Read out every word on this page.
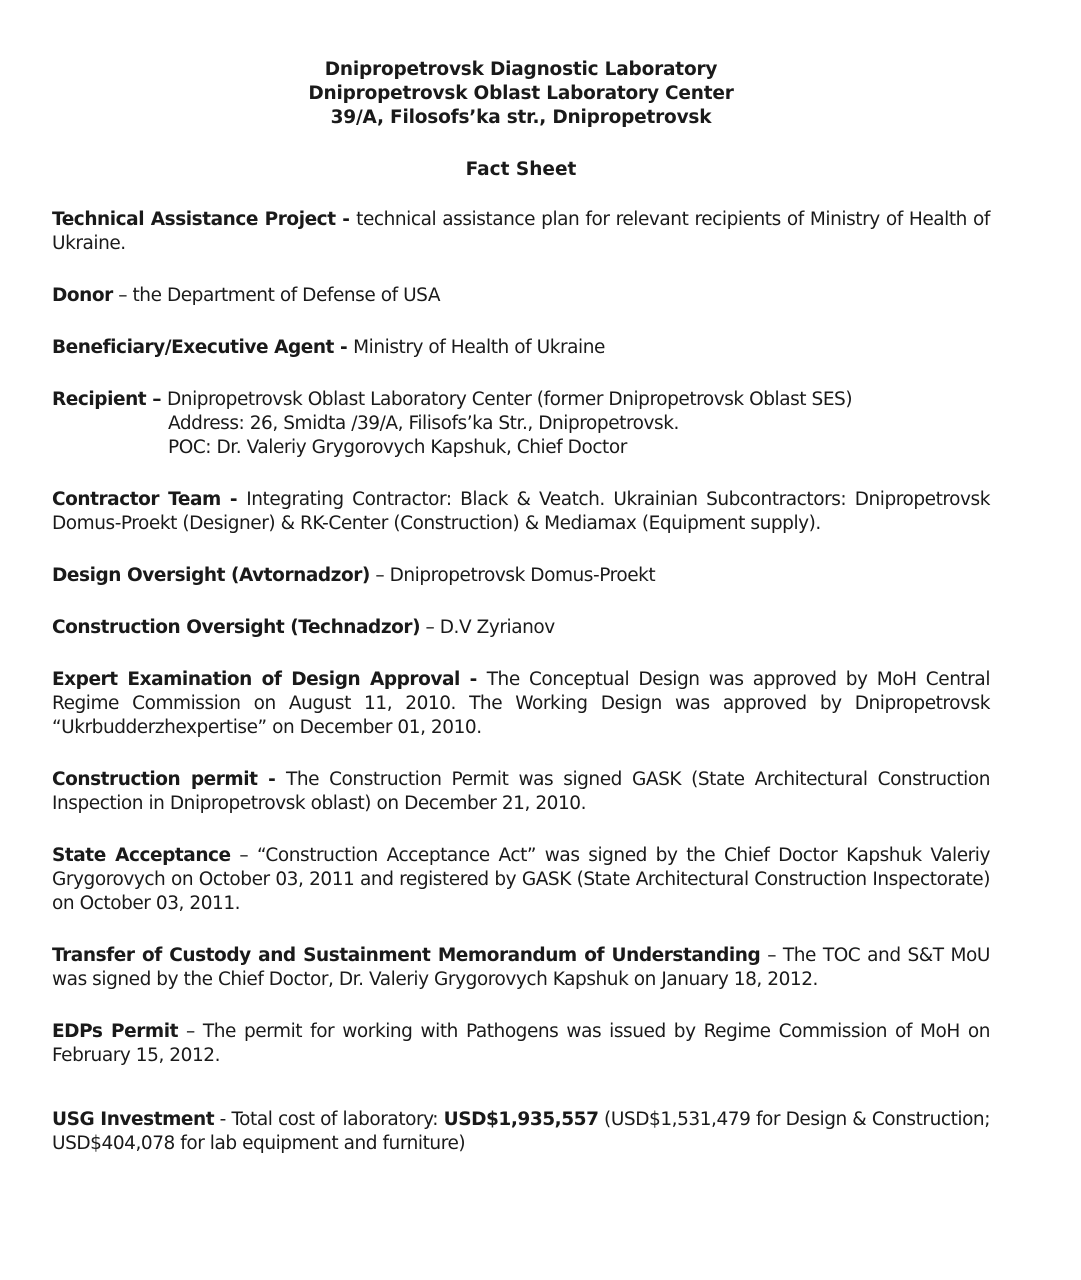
Dnipropetrovsk Diagnostic Laboratory
Dnipropetrovsk Oblast Laboratory Center
39/A, Filosofs’ka str., Dnipropetrovsk
Fact Sheet
Technical Assistance Project - technical assistance plan for relevant recipients of Ministry of Health of Ukraine.
Donor – the Department of Defense of USA
Beneficiary/Executive Agent - Ministry of Health of Ukraine
Recipient – Dnipropetrovsk Oblast Laboratory Center (former Dnipropetrovsk Oblast SES)
Address: 26, Smidta /39/A, Filisofs’ka Str., Dnipropetrovsk.
POC: Dr. Valeriy Grygorovych Kapshuk, Chief Doctor
Contractor Team - Integrating Contractor: Black & Veatch. Ukrainian Subcontractors: Dnipropetrovsk Domus-Proekt (Designer) & RK-Center (Construction) & Mediamax (Equipment supply).
Design Oversight (Avtornadzor) – Dnipropetrovsk Domus-Proekt
Construction Oversight (Technadzor) – D.V Zyrianov
Expert Examination of Design Approval - The Conceptual Design was approved by MoH Central Regime Commission on August 11, 2010. The Working Design was approved by Dnipropetrovsk “Ukrbudderzhexpertise” on December 01, 2010.
Construction permit - The Construction Permit was signed GASK (State Architectural Construction Inspection in Dnipropetrovsk oblast) on December 21, 2010.
State Acceptance – “Construction Acceptance Act” was signed by the Chief Doctor Kapshuk Valeriy Grygorovych on October 03, 2011 and registered by GASK (State Architectural Construction Inspectorate) on October 03, 2011.
Transfer of Custody and Sustainment Memorandum of Understanding – The TOC and S&T MoU was signed by the Chief Doctor, Dr. Valeriy Grygorovych Kapshuk on January 18, 2012.
EDPs Permit – The permit for working with Pathogens was issued by Regime Commission of MoH on February 15, 2012.
USG Investment - Total cost of laboratory: USD$1,935,557 (USD$1,531,479 for Design & Construction; USD$404,078 for lab equipment and furniture)
